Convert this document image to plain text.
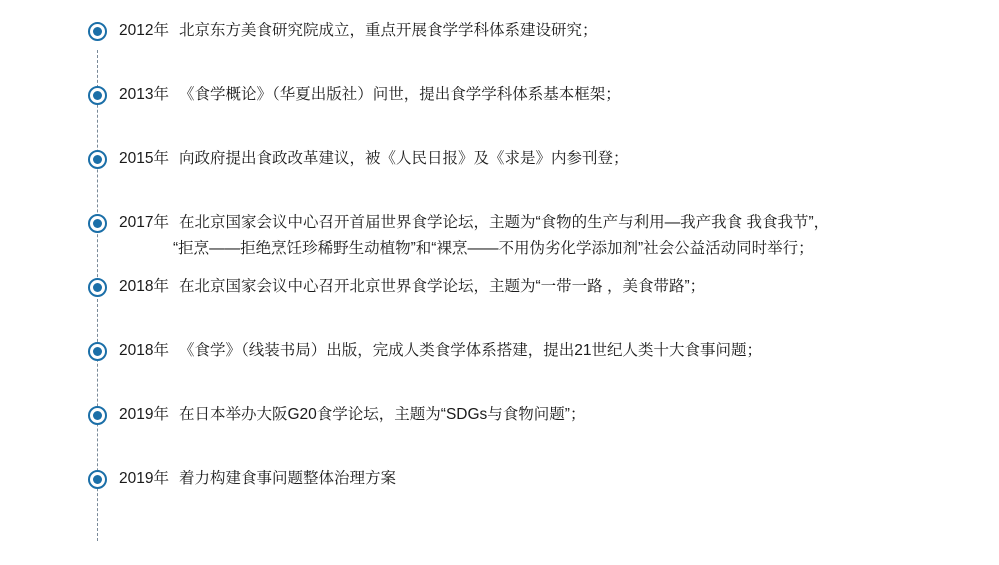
2012年 北京东方美食研究院成立，重点开展食学学科体系建设研究；
2013年 《食学概论》（华夏出版社）问世，提出食学学科体系基本框架；
2015年 向政府提出食政改革建议，被《人民日报》及《求是》内参刊登；
2017年 在北京国家会议中心召开首届世界食学论坛，主题为“食物的生产与利用—我产我食 我食我节”，
“拒烹——拒绝烹饪珍稀野生动植物”和“裸烹——不用伪劣化学添加剂”社会公益活动同时举行；
2018年 在北京国家会议中心召开北京世界食学论坛，主题为“一带一路 ，美食带路”；
2018年 《食学》（线装书局）出版，完成人类食学体系搭建，提出21世纪人类十大食事问题；
2019年 在日本举办大阪G20食学论坛，主题为“SDGs与食物问题”；
2019年 着力构建食事问题整体治理方案
